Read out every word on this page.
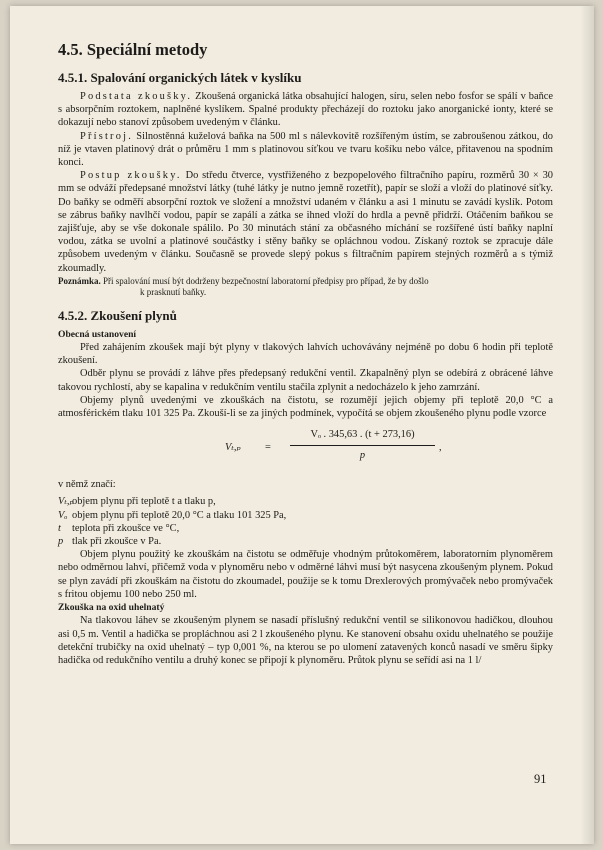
4.5. Speciální metody
4.5.1. Spalování organických látek v kyslíku

Podstata zkoušky. Zkoušená organická látka obsahující halogen, síru, selen nebo fosfor se spálí v baňce s absorpčním roztokem, naplněné kyslíkem. Spalné produkty přecházejí do roztoku jako anorganické ionty, které se dokazují nebo stanoví způsobem uvedeným v článku.

Přístroj. Silnostěnná kuželová baňka na 500 ml s nálevkovitě rozšířeným ústím, se zabroušenou zátkou, do níž je vtaven platinový drát o průměru 1 mm s platinovou síťkou ve tvaru košíku nebo válce, přitavenou na spodním konci.

Postup zkoušky. Do středu čtverce, vystřiženého z bezpopelového filtračního papíru, rozměrů 30 × 30 mm se odváží předepsané množství látky (tuhé látky je nutno jemně rozetřít), papír se složí a vloží do platinové síťky. Do baňky se odměří absorpční roztok ve složení a množství udaném v článku a asi 1 minutu se zavádí kyslík. Potom se zábrus baňky navlhčí vodou, papír se zapálí a zátka se ihned vloží do hrdla a pevně přidrží. Otáčením baňkou se zajišťuje, aby se vše dokonale spálilo. Po 30 minutách stání za občasného míchání se rozšířené ústí baňky naplní vodou, zátka se uvolní a platinové součástky i stěny baňky se opláchnou vodou. Získaný roztok se zpracuje dále způsobem uvedeným v článku. Současně se provede slepý pokus s filtračním papírem stejných rozměrů a s týmiž zkoumadly.

Poznámka. Při spalování musí být dodrženy bezpečnostní laboratorní předpisy pro případ, že by došlo
k prasknutí baňky.
4.5.2. Zkoušení plynů
Obecná ustanovení

Před zahájením zkoušek mají být plyny v tlakových lahvích uchovávány nejméně po dobu 6 hodin při teplotě zkoušení.

Odběr plynu se provádí z láhve přes předepsaný redukční ventil. Zkapalněný plyn se odebírá z obrácené láhve takovou rychlostí, aby se kapalina v redukčním ventilu stačila zplynit a nedocházelo k jeho zamrzání.

Objemy plynů uvedenými ve zkouškách na čistotu, se rozumějí jejich objemy při teplotě 20,0 °C a atmosférickém tlaku 101 325 Pa. Zkouší-li se za jiných podmínek, vypočítá se objem zkoušeného plynu podle vzorce

Vₜ,ₚ =
Vₒ . 345,63 . (t + 273,16)
p
,

v němž značí:

Vₜ,ₚ
objem plynu při teplotě t a tlaku p,
Vₒ objem plynu při teplotě 20,0 °C a tlaku 101 325 Pa,
t teplota při zkoušce ve °C,
p tlak při zkoušce v Pa.

Objem plynu použitý ke zkouškám na čistotu se odměřuje vhodným průtokoměrem, laboratorním plynoměrem nebo odměrnou lahví, přičemž voda v plynoměru nebo v odměrné láhvi musí být nasycena zkoušeným plynem. Pokud se plyn zavádí při zkouškám na čistotu do zkoumadel, použije se k tomu Drexlerových promývaček nebo promývaček s fritou objemu 100 nebo 250 ml.

Zkouška na oxid uhelnatý

Na tlakovou láhev se zkoušeným plynem se nasadí příslušný redukční ventil se silikonovou hadičkou, dlouhou asi 0,5 m. Ventil a hadička se propláchnou asi 2 l zkoušeného plynu. Ke stanovení obsahu oxidu uhelnatého se použije detekční trubičky na oxid uhelnatý – typ 0,001 %, na kterou se po ulomení zatavených konců nasadí ve směru šipky hadička od redukčního ventilu a druhý konec se připojí k plynoměru. Průtok plynu se seřídí asi na 1 l/

91
